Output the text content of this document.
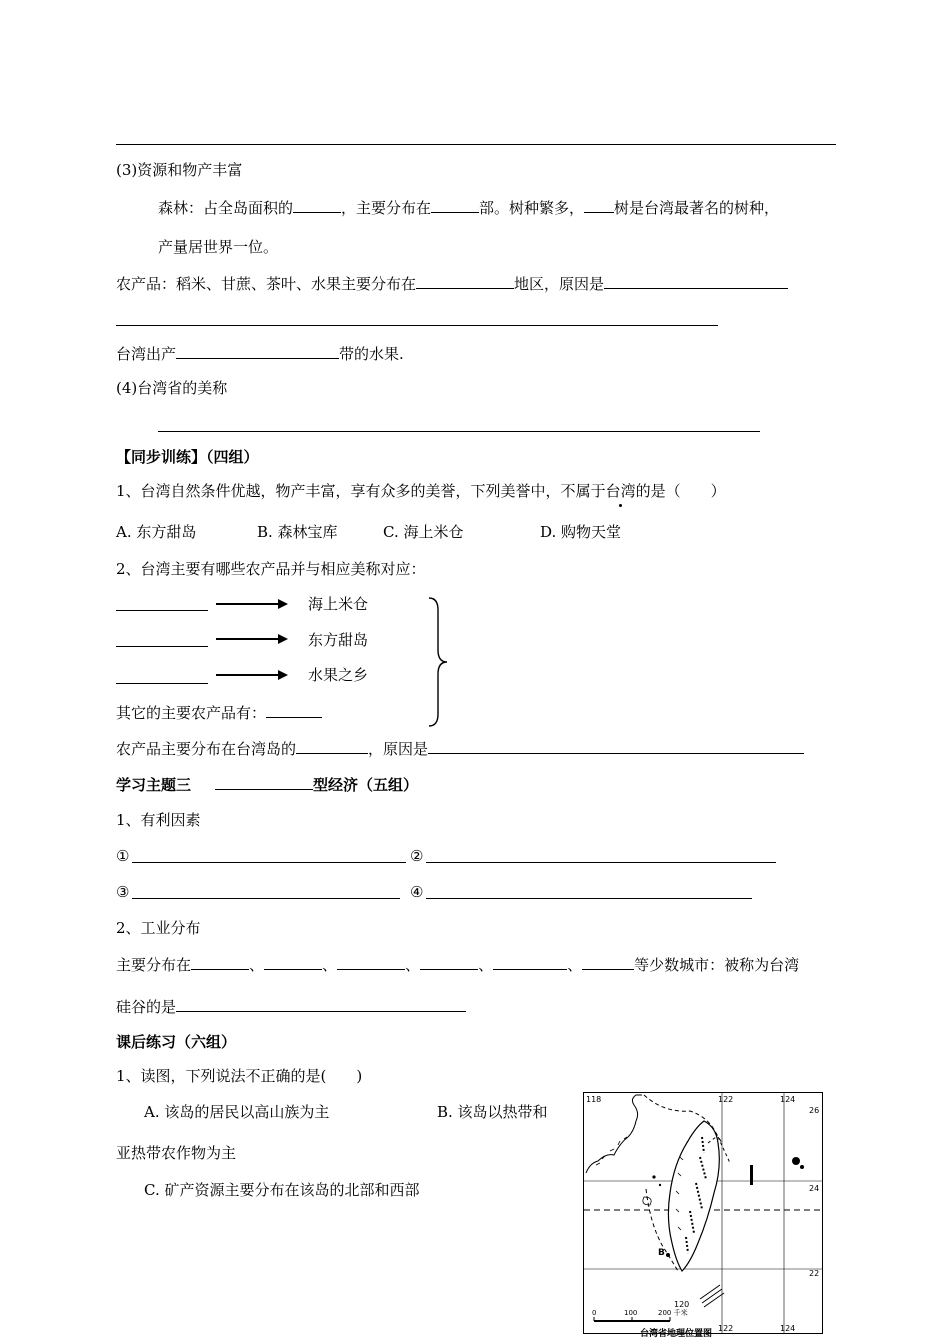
(3)资源和物产丰富
森林：占全岛面积的	，主要分布在	部。树种繁多， 树是台湾最著名的树种，
产量居世界一位。
农产品：稻米、甘蔗、茶叶、水果主要分布在	地区，原因是
台湾出产	带的水果.
(4)台湾省的美称
【同步训练】（四组）
1、台湾自然条件优越，物产丰富，享有众多的美誉，下列美誉中，不属于台湾的是（　　）
A. 东方甜岛	B. 森林宝库	C. 海上米仓	D. 购物天堂
2、台湾主要有哪些农产品并与相应美称对应：
海上米仓
东方甜岛
水果之乡
其它的主要农产品有：
农产品主要分布在台湾岛的	，原因是
学习主题三	型经济（五组）
1、有利因素
①	②
③	④
2、工业分布
主要分布在	、	、	、	、	、	等少数城市：被称为台湾
硅谷的是
课后练习（六组）
1、读图，下列说法不正确的是(　　)
A. 该岛的居民以高山族为主	B. 该岛以热带和
亚热带农作物为主
C. 矿产资源主要分布在该岛的北部和西部
118	122	124
120
122	124
26
24
22
0	100	200 千米
B
台湾省地理位置图
